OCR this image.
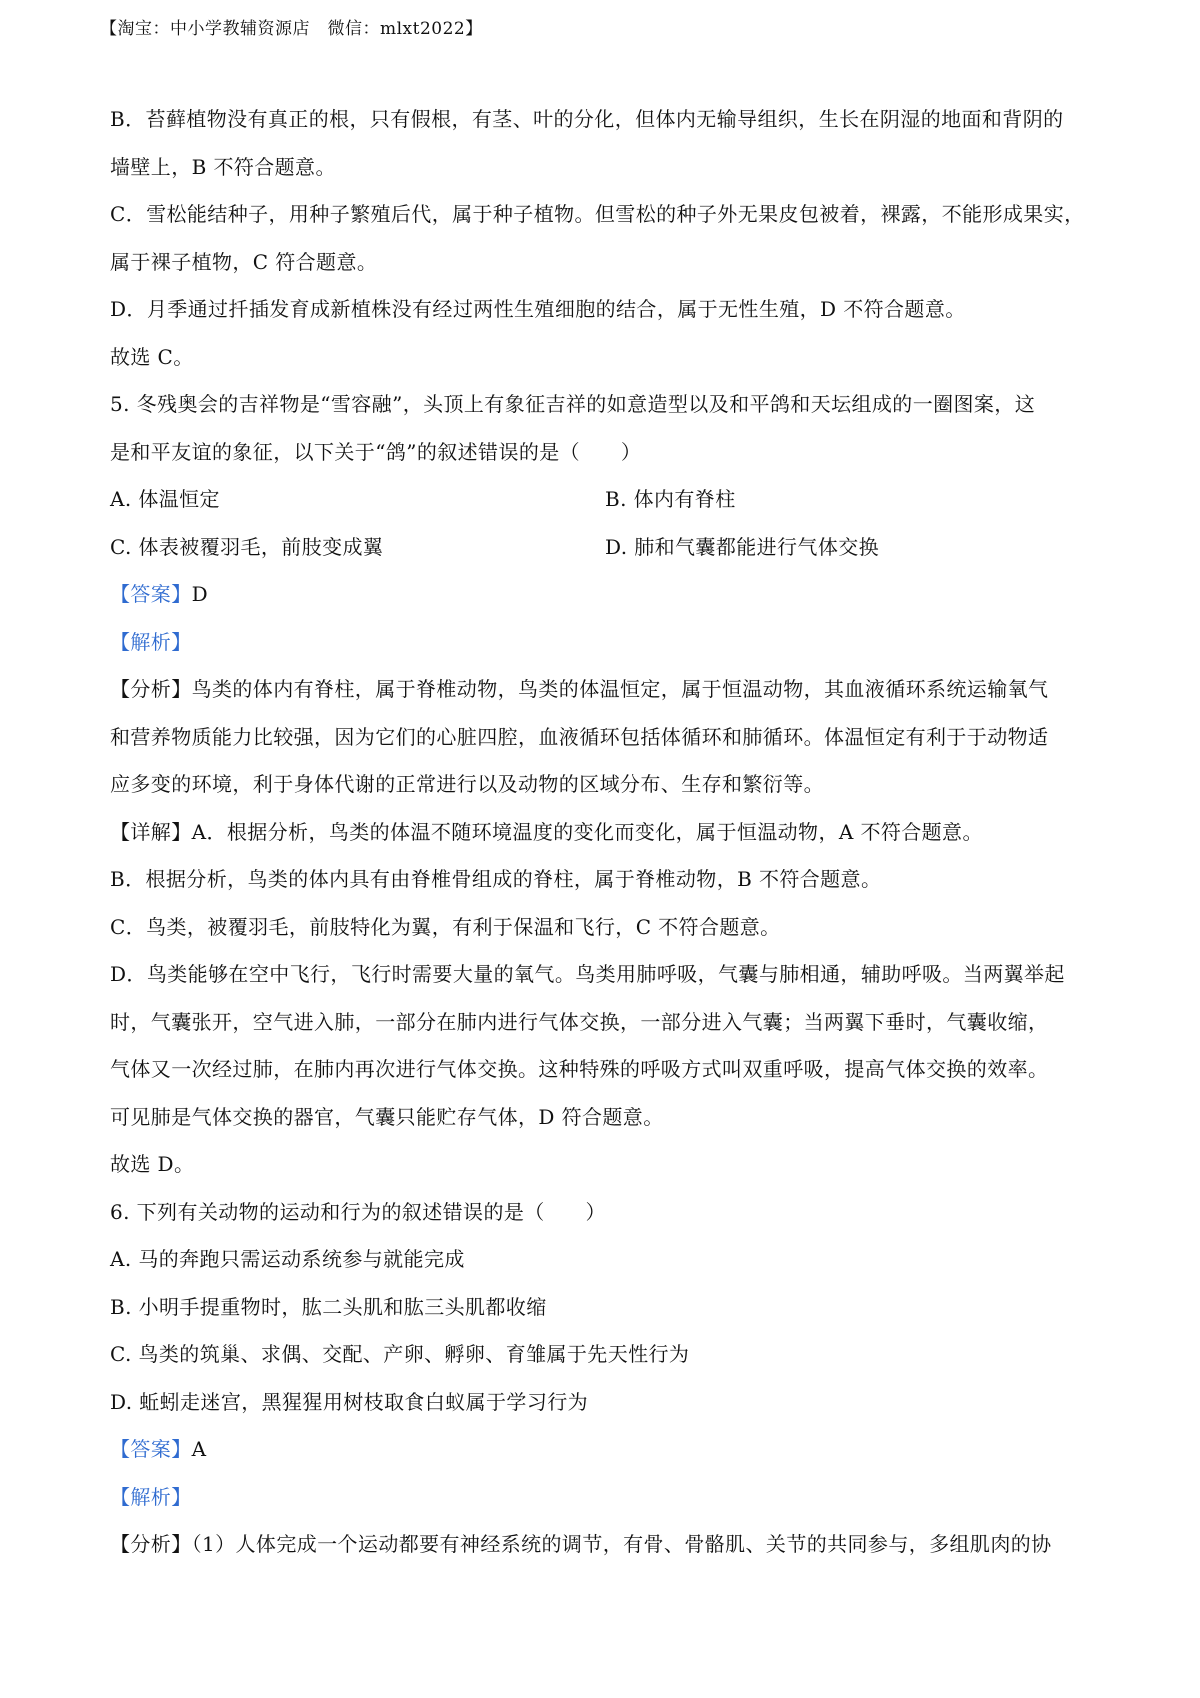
【淘宝：中小学教辅资源店　微信：mlxt2022】
B．苔藓植物没有真正的根，只有假根，有茎、叶的分化，但体内无输导组织，生长在阴湿的地面和背阴的
墙壁上，B 不符合题意。
C．雪松能结种子，用种子繁殖后代，属于种子植物。但雪松的种子外无果皮包被着，裸露，不能形成果实，
属于裸子植物，C 符合题意。
D．月季通过扦插发育成新植株没有经过两性生殖细胞的结合，属于无性生殖，D 不符合题意。
故选 C。
5. 冬残奥会的吉祥物是“雪容融”，头顶上有象征吉祥的如意造型以及和平鸽和天坛组成的一圈图案，这
是和平友谊的象征，以下关于“鸽”的叙述错误的是（　　）
A. 体温恒定	B. 体内有脊柱
C. 体表被覆羽毛，前肢变成翼	D. 肺和气囊都能进行气体交换
【答案】D
【解析】
【分析】鸟类的体内有脊柱，属于脊椎动物，鸟类的体温恒定，属于恒温动物，其血液循环系统运输氧气
和营养物质能力比较强，因为它们的心脏四腔，血液循环包括体循环和肺循环。体温恒定有利于于动物适
应多变的环境，利于身体代谢的正常进行以及动物的区域分布、生存和繁衍等。
【详解】A．根据分析，鸟类的体温不随环境温度的变化而变化，属于恒温动物，A 不符合题意。
B．根据分析，鸟类的体内具有由脊椎骨组成的脊柱，属于脊椎动物，B 不符合题意。
C．鸟类，被覆羽毛，前肢特化为翼，有利于保温和飞行，C 不符合题意。
D．鸟类能够在空中飞行，飞行时需要大量的氧气。鸟类用肺呼吸，气囊与肺相通，辅助呼吸。当两翼举起
时，气囊张开，空气进入肺，一部分在肺内进行气体交换，一部分进入气囊；当两翼下垂时，气囊收缩，
气体又一次经过肺，在肺内再次进行气体交换。这种特殊的呼吸方式叫双重呼吸，提高气体交换的效率。
可见肺是气体交换的器官，气囊只能贮存气体，D 符合题意。
故选 D。
6. 下列有关动物的运动和行为的叙述错误的是（　　）
A. 马的奔跑只需运动系统参与就能完成
B. 小明手提重物时，肱二头肌和肱三头肌都收缩
C. 鸟类的筑巢、求偶、交配、产卵、孵卵、育雏属于先天性行为
D. 蚯蚓走迷宫，黑猩猩用树枝取食白蚁属于学习行为
【答案】A
【解析】
【分析】（1）人体完成一个运动都要有神经系统的调节，有骨、骨骼肌、关节的共同参与，多组肌肉的协
